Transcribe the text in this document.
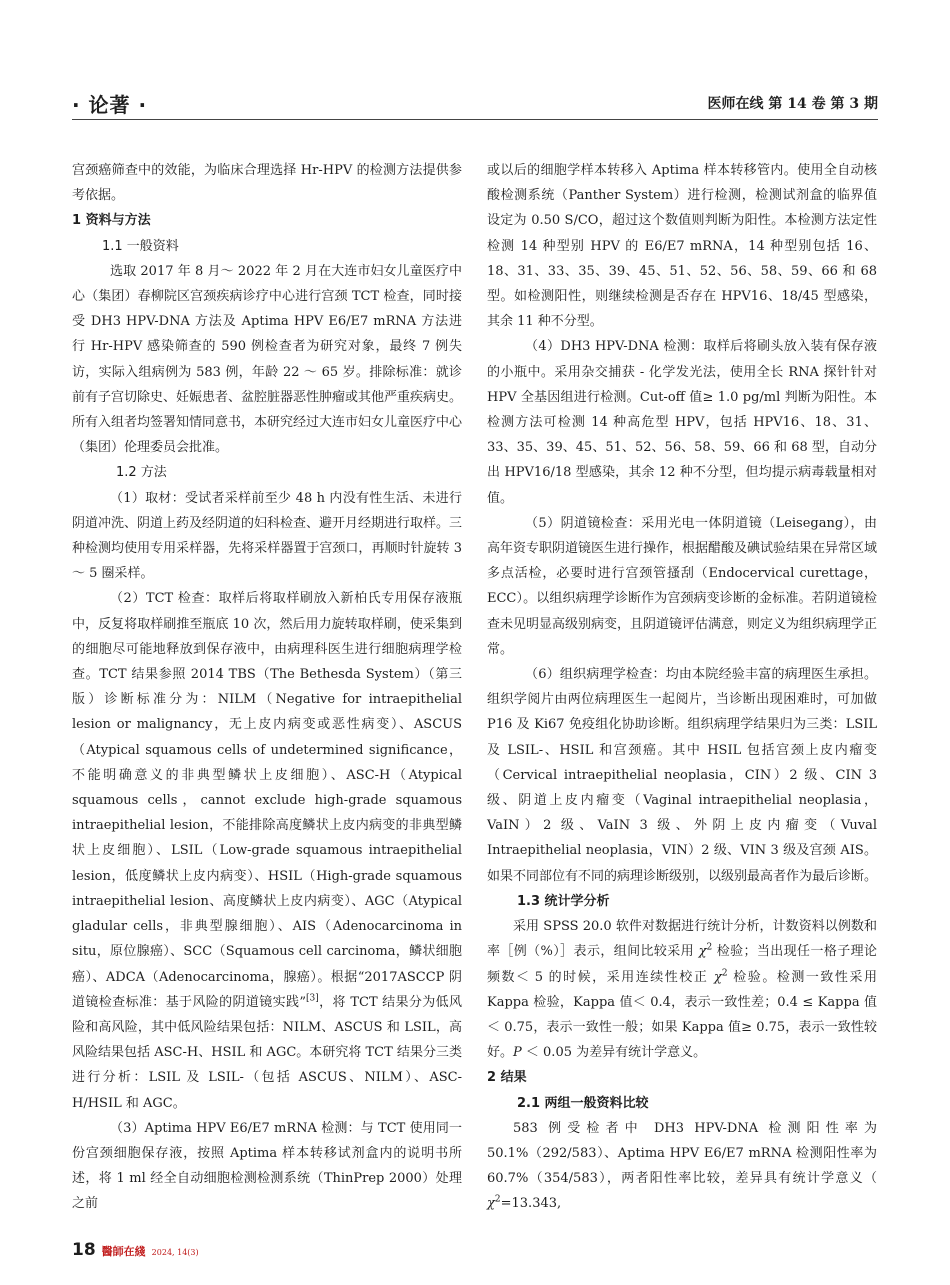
· 论著 ·	医师在线 第 14 卷 第 3 期

宫颈癌筛查中的效能，为临床合理选择 Hr-HPV 的检测方法提供参考依据。

1 资料与方法

1.1 一般资料

选取 2017 年 8 月～ 2022 年 2 月在大连市妇女儿童医疗中心（集团）春柳院区宫颈疾病诊疗中心进行宫颈 TCT 检查，同时接受 DH3 HPV-DNA 方法及 Aptima HPV E6/E7 mRNA 方法进行 Hr-HPV 感染筛查的 590 例检查者为研究对象，最终 7 例失访，实际入组病例为 583 例，年龄 22 ～ 65 岁。排除标准：就诊前有子宫切除史、妊娠患者、盆腔脏器恶性肿瘤或其他严重疾病史。所有入组者均签署知情同意书，本研究经过大连市妇女儿童医疗中心（集团）伦理委员会批准。

1.2 方法

（1）取材：受试者采样前至少 48 h 内没有性生活、未进行阴道冲洗、阴道上药及经阴道的妇科检查、避开月经期进行取样。三种检测均使用专用采样器，先将采样器置于宫颈口，再顺时针旋转 3 ～ 5 圈采样。

（2）TCT 检查：取样后将取样刷放入新柏氏专用保存液瓶中，反复将取样刷推至瓶底 10 次，然后用力旋转取样刷，使采集到的细胞尽可能地释放到保存液中，由病理科医生进行细胞病理学检查。TCT 结果参照 2014 TBS（The Bethesda System）（第三版）诊断标准分为：NILM（Negative for intraepithelial lesion or malignancy，无上皮内病变或恶性病变）、ASCUS（Atypical squamous cells of undetermined significance，不能明确意义的非典型鳞状上皮细胞）、ASC-H（Atypical squamous cells，cannot exclude high-grade squamous intraepithelial lesion，不能排除高度鳞状上皮内病变的非典型鳞状上皮细胞）、LSIL（Low-grade squamous intraepithelial lesion，低度鳞状上皮内病变）、HSIL（High-grade squamous intraepithelial lesion、高度鳞状上皮内病变）、AGC（Atypical gladular cells，非典型腺细胞）、AIS（Adenocarcinoma in situ，原位腺癌）、SCC（Squamous cell carcinoma，鳞状细胞癌）、ADCA（Adenocarcinoma，腺癌）。根据“2017ASCCP 阴道镜检查标准：基于风险的阴道镜实践”[3]，将 TCT 结果分为低风险和高风险，其中低风险结果包括：NILM、ASCUS 和 LSIL，高风险结果包括 ASC-H、HSIL 和 AGC。本研究将 TCT 结果分三类进行分析：LSIL 及 LSIL-（包括 ASCUS、NILM）、ASC-H/HSIL 和 AGC。

（3）Aptima HPV E6/E7 mRNA 检测：与 TCT 使用同一份宫颈细胞保存液，按照 Aptima 样本转移试剂盒内的说明书所述，将 1 ml 经全自动细胞检测检测系统（ThinPrep 2000）处理之前

或以后的细胞学样本转移入 Aptima 样本转移管内。使用全自动核酸检测系统（Panther System）进行检测，检测试剂盒的临界值设定为 0.50 S/CO，超过这个数值则判断为阳性。本检测方法定性检测 14 种型别 HPV 的 E6/E7 mRNA，14 种型别包括 16、18、31、33、35、39、45、51、52、56、58、59、66 和 68 型。如检测阳性，则继续检测是否存在 HPV16、18/45 型感染，其余 11 种不分型。

（4）DH3 HPV-DNA 检测：取样后将刷头放入装有保存液的小瓶中。采用杂交捕获 - 化学发光法，使用全长 RNA 探针针对 HPV 全基因组进行检测。Cut-off 值≥ 1.0 pg/ml 判断为阳性。本检测方法可检测 14 种高危型 HPV，包括 HPV16、18、31、33、35、39、45、51、52、56、58、59、66 和 68 型，自动分出 HPV16/18 型感染，其余 12 种不分型，但均提示病毒载量相对值。

（5）阴道镜检查：采用光电一体阴道镜（Leisegang），由高年资专职阴道镜医生进行操作，根据醋酸及碘试验结果在异常区域多点活检，必要时进行宫颈管搔刮（Endocervical curettage，ECC）。以组织病理学诊断作为宫颈病变诊断的金标准。若阴道镜检查未见明显高级别病变，且阴道镜评估满意，则定义为组织病理学正常。

（6）组织病理学检查：均由本院经验丰富的病理医生承担。组织学阅片由两位病理医生一起阅片，当诊断出现困难时，可加做 P16 及 Ki67 免疫组化协助诊断。组织病理学结果归为三类：LSIL 及 LSIL-、HSIL 和宫颈癌。其中 HSIL 包括宫颈上皮内瘤变（Cervical intraepithelial neoplasia，CIN）2 级、CIN 3 级、阴道上皮内瘤变（Vaginal intraepithelial neoplasia，VaIN）2 级、VaIN 3 级、外阴上皮内瘤变（Vuval Intraepithelial neoplasia，VIN）2 级、VIN 3 级及宫颈 AIS。如果不同部位有不同的病理诊断级别，以级别最高者作为最后诊断。

1.3 统计学分析

采用 SPSS 20.0 软件对数据进行统计分析，计数资料以例数和率［例（%）］表示，组间比较采用 $\chi^2$ 检验；当出现任一格子理论频数＜ 5 的时候，采用连续性校正 $\chi^2$ 检验。检测一致性采用 Kappa 检验，Kappa 值＜ 0.4，表示一致性差；0.4 ≤ Kappa 值＜ 0.75，表示一致性一般；如果 Kappa 值≥ 0.75，表示一致性较好。P ＜ 0.05 为差异有统计学意义。

2 结果

2.1 两组一般资料比较

583 例受检者中 DH3 HPV-DNA 检测阳性率为 50.1%（292/583）、Aptima HPV E6/E7 mRNA 检测阳性率为 60.7%（354/583），两者阳性率比较，差异具有统计学意义（ $\chi^2=13.343$,

18 醫師在綫 2024, 14(3)
